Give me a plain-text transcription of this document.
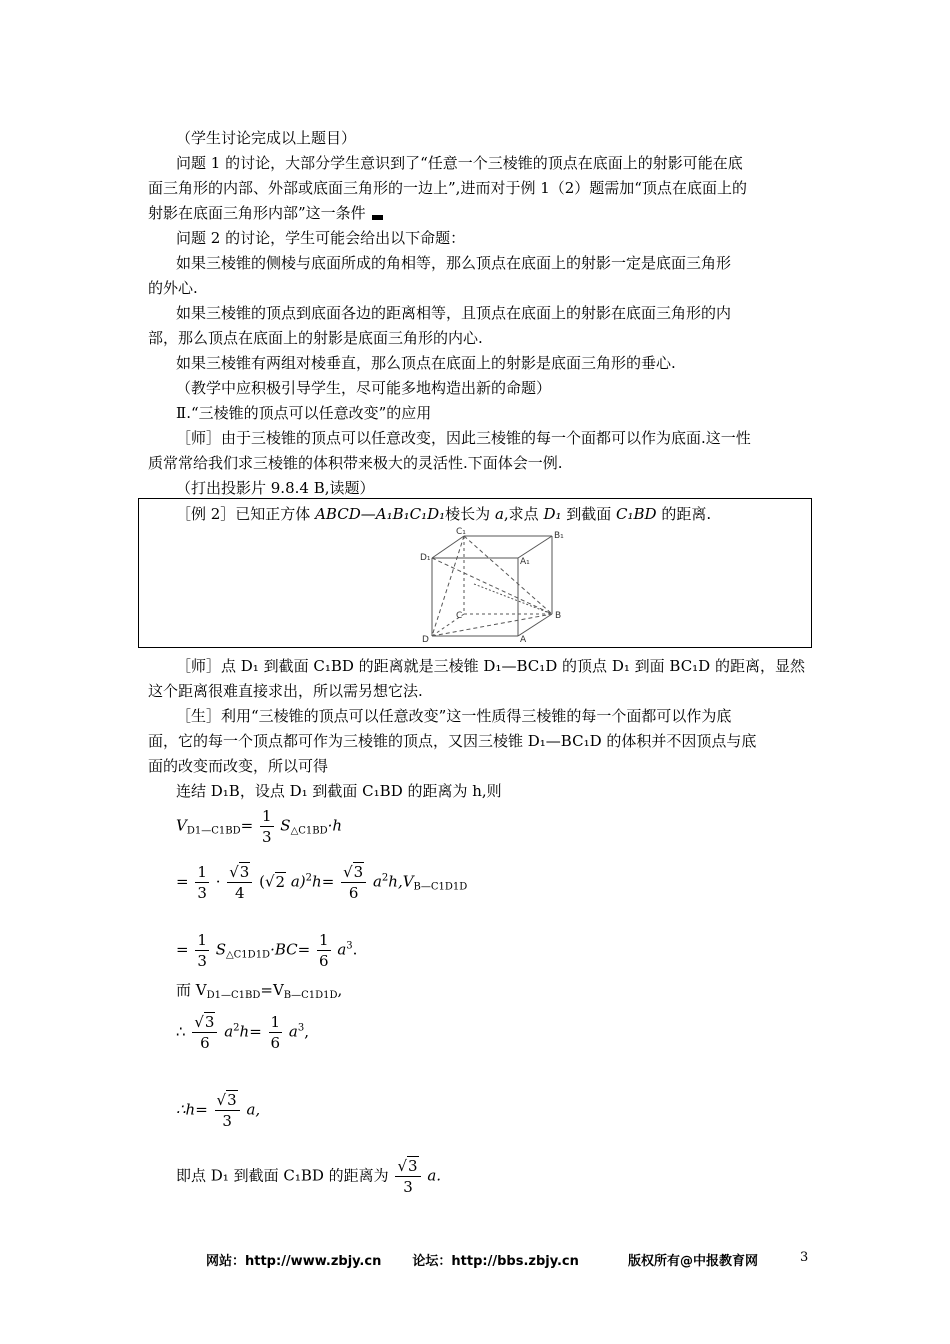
（学生讨论完成以上题目）
问题 1 的讨论，大部分学生意识到了“任意一个三棱锥的顶点在底面上的射影可能在底
面三角形的内部、外部或底面三角形的一边上”,进而对于例 1（2）题需加“顶点在底面上的
射影在底面三角形内部”这一条件
问题 2 的讨论，学生可能会给出以下命题：
如果三棱锥的侧棱与底面所成的角相等，那么顶点在底面上的射影一定是底面三角形
的外心.
如果三棱锥的顶点到底面各边的距离相等，且顶点在底面上的射影在底面三角形的内
部，那么顶点在底面上的射影是底面三角形的内心.
如果三棱锥有两组对棱垂直，那么顶点在底面上的射影是底面三角形的垂心.
（教学中应积极引导学生，尽可能多地构造出新的命题）
Ⅱ.“三棱锥的顶点可以任意改变”的应用
［师］由于三棱锥的顶点可以任意改变，因此三棱锥的每一个面都可以作为底面.这一性
质常常给我们求三棱锥的体积带来极大的灵活性.下面体会一例.
（打出投影片 9.8.4 B,读题）
［例 2］已知正方体 ABCD—A₁B₁C₁D₁棱长为 a,求点 D₁ 到截面 C₁BD 的距离.
C₁	B₁
D₁	A₁
C	B
D	A
［师］点 D₁ 到截面 C₁BD 的距离就是三棱锥 D₁—BC₁D 的顶点 D₁ 到面 BC₁D 的距离，显然
这个距离很难直接求出，所以需另想它法.
［生］利用“三棱锥的顶点可以任意改变”这一性质得三棱锥的每一个面都可以作为底
面，它的每一个顶点都可作为三棱锥的顶点，又因三棱锥 D₁—BC₁D 的体积并不因顶点与底
面的改变而改变，所以可得
连结 D₁B，设点 D₁ 到截面 C₁BD 的距离为 h,则
$V_{D1—C1BD}= \frac{1}{3} S_{\triangle C1BD}\cdot h$
= $\frac{1}{3} \cdot \frac{√3}{4} (√2$ $a)^2h= \frac{√3}{6} a^2h,V_{B—C1D1D}$
= $\frac{1}{3} S_{\triangle C1D1D}\cdot BC= \frac{1}{6} a^3$.
而 $V_{D1—C1BD}=V_{B—C1D1D}$,
∴ $\frac{√3}{6} a^2h= \frac{1}{6} a^3$,
∴h= $\frac{√3}{3} a$,
即点 D₁ 到截面 C₁BD 的距离为 $\frac{√3}{3} a$.
网站：http://www.zbjy.cn 论坛：http://bbs.zbjy.cn	版权所有@中报教育网	3
